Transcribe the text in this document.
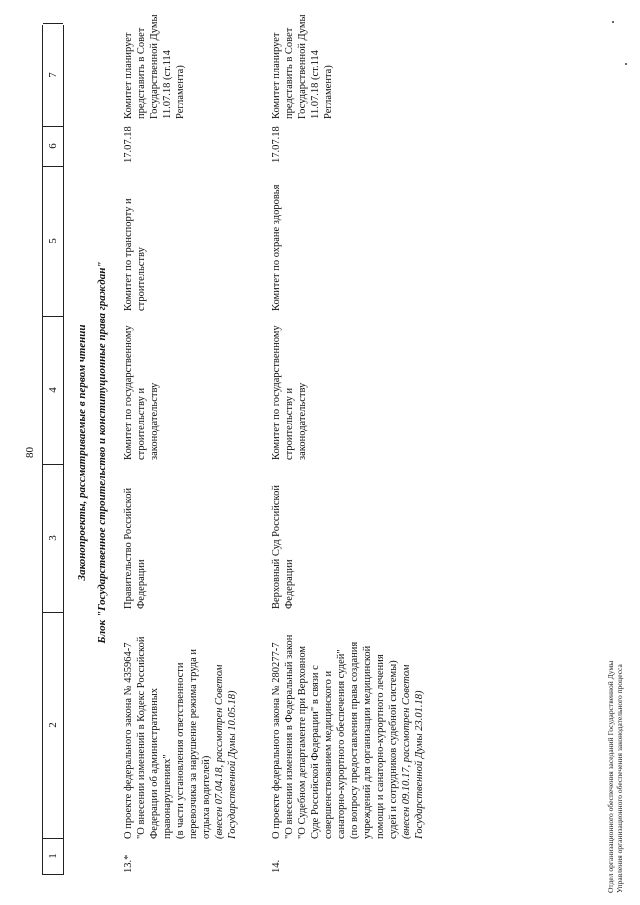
80
1
2
3
4
5
6
7
Законопроекты, рассматриваемые в первом чтении Блок "Государственное строительство и конституционные права граждан"
13.*
О проекте федерального закона № 435964-7
"О внесении изменений в Кодекс Российской
Федерации об административных
правонарушениях"
(в части установления ответственности
перевозчика за нарушение режима труда и
отдыха водителей)
(внесен 07.04.18, рассмотрен Советом
Государственной Думы 10.05.18)
Правительство Российской Федерации
Комитет по государственному строительству и законодательству
Комитет по транспорту и строительству
17.07.18
Комитет планирует представить в Совет Государственной Думы 11.07.18 (ст.114 Регламента)
14.
О проекте федерального закона № 280277-7
"О внесении изменения в Федеральный закон
"О Судебном департаменте при Верховном
Суде Российской Федерации" в связи с
совершенствованием медицинского и
санаторно-курортного обеспечения судей"
(по вопросу предоставления права создания
учреждений для организации медицинской
помощи и санаторно-курортного лечения
судей и сотрудников судебной системы)
(внесен 09.10.17, рассмотрен Советом
Государственной Думы 23.01.18)
Верховный Суд Российской Федерации
Комитет по государственному строительству и законодательству
Комитет по охране здоровья
17.07.18
Комитет планирует представить в Совет Государственной Думы 11.07.18 (ст.114 Регламента)
Отдел организационного обеспечения заседаний Государственной Думы Управления организационного обеспечения законодательного процесса
